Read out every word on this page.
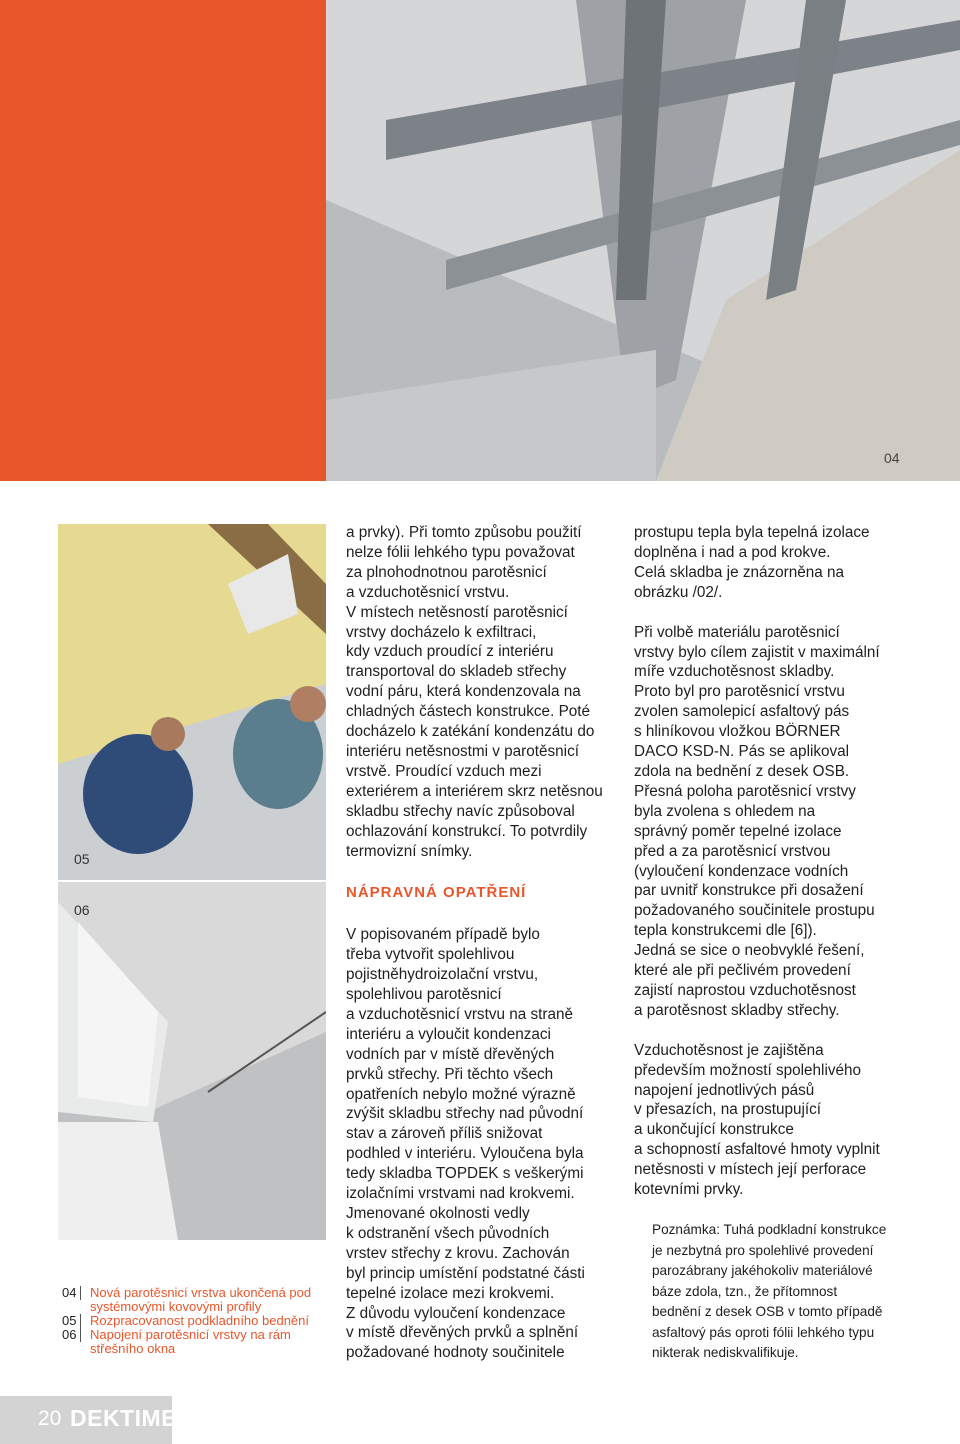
04
05
06

a prvky). Při tomto způsobu použití
nelze fólii lehkého typu považovat
za plnohodnotnou parotěsnicí
a vzduchotěsnicí vrstvu.
V místech netěsností parotěsnicí
vrstvy docházelo k exfiltraci,
kdy vzduch proudící z interiéru
transportoval do skladeb střechy
vodní páru, která kondenzovala na
chladných částech konstrukce. Poté
docházelo k zatékání kondenzátu do
interiéru netěsnostmi v parotěsnicí
vrstvě. Proudící vzduch mezi
exteriérem a interiérem skrz netěsnou
skladbu střechy navíc způsoboval
ochlazování konstrukcí. To potvrdily
termovizní snímky.

NÁPRAVNÁ OPATŘENÍ

V popisovaném případě bylo
třeba vytvořit spolehlivou
pojistněhydroizolační vrstvu,
spolehlivou parotěsnicí
a vzduchotěsnicí vrstvu na straně
interiéru a vyloučit kondenzaci
vodních par v místě dřevěných
prvků střechy. Při těchto všech
opatřeních nebylo možné výrazně
zvýšit skladbu střechy nad původní
stav a zároveň příliš snižovat
podhled v interiéru. Vyloučena byla
tedy skladba TOPDEK s veškerými
izolačními vrstvami nad krokvemi.
Jmenované okolnosti vedly
k odstranění všech původních
vrstev střechy z krovu. Zachován
byl princip umístění podstatné části
tepelné izolace mezi krokvemi.
Z důvodu vyloučení kondenzace
v místě dřevěných prvků a splnění
požadované hodnoty součinitele

prostupu tepla byla tepelná izolace
doplněna i nad a pod krokve.
Celá skladba je znázorněna na
obrázku /02/.

Při volbě materiálu parotěsnicí
vrstvy bylo cílem zajistit v maximální
míře vzduchotěsnost skladby.
Proto byl pro parotěsnicí vrstvu
zvolen samolepicí asfaltový pás
s hliníkovou vložkou BÖRNER
DACO KSD-N. Pás se aplikoval
zdola na bednění z desek OSB.
Přesná poloha parotěsnicí vrstvy
byla zvolena s ohledem na
správný poměr tepelné izolace
před a za parotěsnicí vrstvou
(vyloučení kondenzace vodních
par uvnitř konstrukce při dosažení
požadovaného součinitele prostupu
tepla konstrukcemi dle [6]).
Jedná se sice o neobvyklé řešení,
které ale při pečlivém provedení
zajistí naprostou vzduchotěsnost
a parotěsnost skladby střechy.

Vzduchotěsnost je zajištěna
především možností spolehlivého
napojení jednotlivých pásů
v přesazích, na prostupující
a ukončující konstrukce
a schopností asfaltové hmoty vyplnit
netěsnosti v místech její perforace
kotevními prvky.

Poznámka: Tuhá podkladní konstrukce
je nezbytná pro spolehlivé provedení
parozábrany jakéhokoliv materiálové
báze zdola, tzn., že přítomnost
bednění z desek OSB v tomto případě
asfaltový pás oproti fólii lehkého typu
nikterak nediskvalifikuje.
04	Nová parotěsnicí vrstva ukončená pod
systémovými kovovými profily
05	Rozpracovanost podkladního bednění
06	Napojení parotěsnicí vrstvy na rám
střešního okna
20 DEKTIME
